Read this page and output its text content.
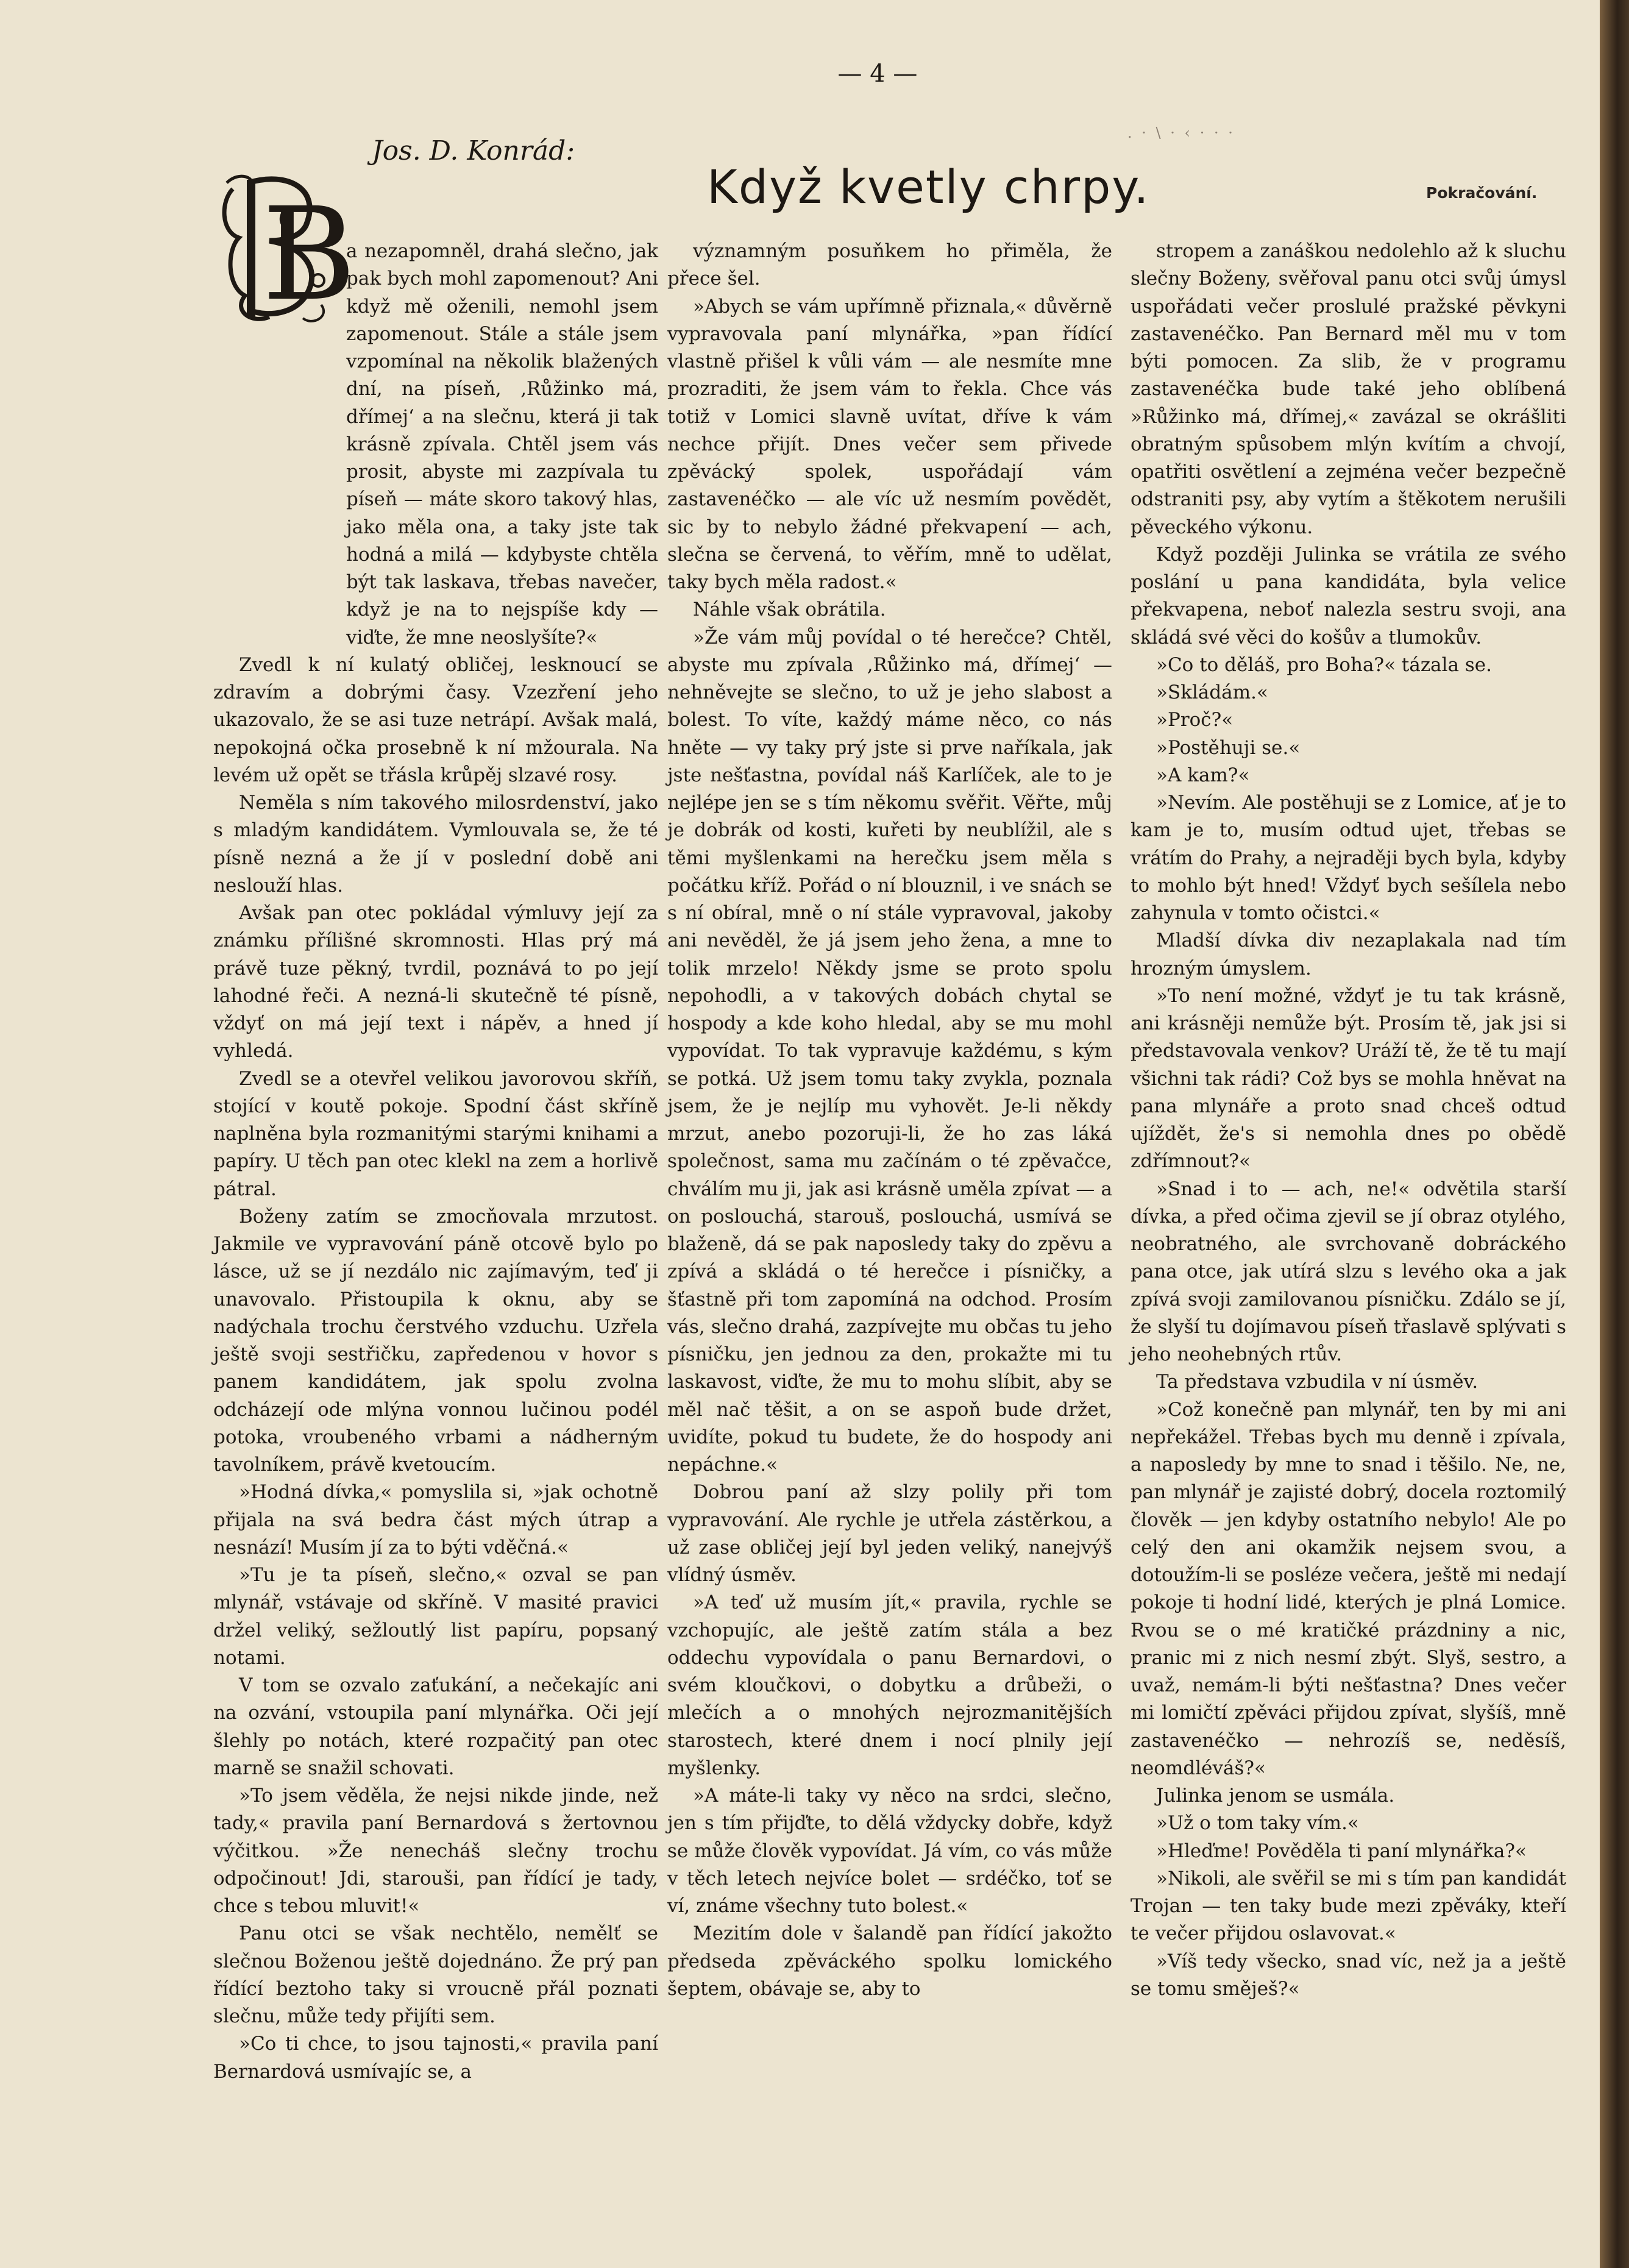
— 4 —
. · \ · ‹ · · ·
Jos. D. Konrád:
Když kvetly chrpy.	Pokračování.
B

a nezapomněl, drahá slečno, jak pak bych mohl zapomenout? Ani když mě oženili, nemohl jsem zapomenout. Stále a stále jsem vzpomínal na několik blažených dní, na píseň, ‚Růžinko má, dřímej‘ a na slečnu, která ji tak krásně zpívala. Chtěl jsem vás prosit, abyste mi zazpívala tu píseň — máte skoro takový hlas, jako měla ona, a taky jste tak hodná a milá — kdybyste chtěla být tak laskava, třebas navečer, když je na to nejspíše kdy — viďte, že mne neoslyšíte?«

Zvedl k ní kulatý obličej, lesknoucí se zdravím a dobrými časy. Vzezření jeho ukazovalo, že se asi tuze netrápí. Avšak malá, nepokojná očka prosebně k ní mžourala. Na levém už opět se třásla krůpěj slzavé rosy.

Neměla s ním takového milosrdenství, jako s mladým kandidátem. Vymlouvala se, že té písně nezná a že jí v poslední době ani neslouží hlas.

Avšak pan otec pokládal výmluvy její za známku přílišné skromnosti. Hlas prý má právě tuze pěkný, tvrdil, poznává to po její lahodné řeči. A nezná-li skutečně té písně, vždyť on má její text i nápěv, a hned jí vyhledá.

Zvedl se a otevřel velikou javorovou skříň, stojící v koutě pokoje. Spodní část skříně naplněna byla rozmanitými starými knihami a papíry. U těch pan otec klekl na zem a horlivě pátral.

Boženy zatím se zmocňovala mrzutost. Jakmile ve vypravování páně otcově bylo po lásce, už se jí nezdálo nic zajímavým, teď ji unavovalo. Přistoupila k oknu, aby se nadýchala trochu čerstvého vzduchu. Uzřela ještě svoji sestřičku, zapředenou v hovor s panem kandidátem, jak spolu zvolna odcházejí ode mlýna vonnou lučinou podél potoka, vroubeného vrbami a nádherným tavolníkem, právě kvetoucím.

»Hodná dívka,« pomyslila si, »jak ochotně přijala na svá bedra část mých útrap a nesnází! Musím jí za to býti vděčná.«

»Tu je ta píseň, slečno,« ozval se pan mlynář, vstávaje od skříně. V masité pravici držel veliký, sežloutlý list papíru, popsaný notami.

V tom se ozvalo zaťukání, a nečekajíc ani na ozvání, vstoupila paní mlynářka. Oči její šlehly po notách, které rozpačitý pan otec marně se snažil schovati.

»To jsem věděla, že nejsi nikde jinde, než tady,« pravila paní Bernardová s žertovnou výčitkou. »Že nenecháš slečny trochu odpočinout! Jdi, starouši, pan řídící je tady, chce s tebou mluvit!«

Panu otci se však nechtělo, nemělť se slečnou Boženou ještě dojednáno. Že prý pan řídící beztoho taky si vroucně přál poznati slečnu, může tedy přijíti sem.

»Co ti chce, to jsou tajnosti,« pravila paní Bernardová usmívajíc se, a

významným posuňkem ho přiměla, že přece šel.

»Abych se vám upřímně přiznala,« důvěrně vypravovala paní mlynářka, »pan řídící vlastně přišel k vůli vám — ale nesmíte mne prozraditi, že jsem vám to řekla. Chce vás totiž v Lomici slavně uvítat, dříve k vám nechce přijít. Dnes večer sem přivede zpěvácký spolek, uspořádají vám zastavenéčko — ale víc už nesmím povědět, sic by to nebylo žádné překvapení — ach, slečna se červená, to věřím, mně to udělat, taky bych měla radost.«

Náhle však obrátila.

»Že vám můj povídal o té herečce? Chtěl, abyste mu zpívala ‚Růžinko má, dřímej‘ — nehněvejte se slečno, to už je jeho slabost a bolest. To víte, každý máme něco, co nás hněte — vy taky prý jste si prve naříkala, jak jste nešťastna, povídal náš Karlíček, ale to je nejlépe jen se s tím někomu svěřit. Věřte, můj je dobrák od kosti, kuřeti by neublížil, ale s těmi myšlenkami na herečku jsem měla s počátku kříž. Pořád o ní blouznil, i ve snách se s ní obíral, mně o ní stále vypravoval, jakoby ani nevěděl, že já jsem jeho žena, a mne to tolik mrzelo! Někdy jsme se proto spolu nepohodli, a v takových dobách chytal se hospody a kde koho hledal, aby se mu mohl vypovídat. To tak vypravuje každému, s kým se potká. Už jsem tomu taky zvykla, poznala jsem, že je nejlíp mu vyhovět. Je-li někdy mrzut, anebo pozoruji-li, že ho zas láká společnost, sama mu začínám o té zpěvačce, chválím mu ji, jak asi krásně uměla zpívat — a on poslouchá, starouš, poslouchá, usmívá se blaženě, dá se pak naposledy taky do zpěvu a zpívá a skládá o té herečce i písničky, a šťastně při tom zapomíná na odchod. Prosím vás, slečno drahá, zazpívejte mu občas tu jeho písničku, jen jednou za den, prokažte mi tu laskavost, viďte, že mu to mohu slíbit, aby se měl nač těšit, a on se aspoň bude držet, uvidíte, pokud tu budete, že do hospody ani nepáchne.«

Dobrou paní až slzy polily při tom vypravování. Ale rychle je utřela zástěrkou, a už zase obličej její byl jeden veliký, nanejvýš vlídný úsměv.

»A teď už musím jít,« pravila, rychle se vzchopujíc, ale ještě zatím stála a bez oddechu vypovídala o panu Bernardovi, o svém kloučkovi, o dobytku a drůbeži, o mlečích a o mnohých nejrozmanitějších starostech, které dnem i nocí plnily její myšlenky.

»A máte-li taky vy něco na srdci, slečno, jen s tím přijďte, to dělá vždycky dobře, když se může člověk vypovídat. Já vím, co vás může v těch letech nejvíce bolet — srdéčko, toť se ví, známe všechny tuto bolest.«

Mezitím dole v šalandě pan řídící jakožto předseda zpěváckého spolku lomického šeptem, obávaje se, aby to

stropem a zanáškou nedolehlo až k sluchu slečny Boženy, svěřoval panu otci svůj úmysl uspořádati večer proslulé pražské pěvkyni zastavenéčko. Pan Bernard měl mu v tom býti pomocen. Za slib, že v programu zastavenéčka bude také jeho oblíbená »Růžinko má, dřímej,« zavázal se okrášliti obratným spůsobem mlýn kvítím a chvojí, opatřiti osvětlení a zejména večer bezpečně odstraniti psy, aby vytím a štěkotem nerušili pěveckého výkonu.

Když později Julinka se vrátila ze svého poslání u pana kandidáta, byla velice překvapena, neboť nalezla sestru svoji, ana skládá své věci do košův a tlumokův.

»Co to děláš, pro Boha?« tázala se.

»Skládám.«

»Proč?«

»Postěhuji se.«

»A kam?«

»Nevím. Ale postěhuji se z Lomice, ať je to kam je to, musím odtud ujet, třebas se vrátím do Prahy, a nejraději bych byla, kdyby to mohlo být hned! Vždyť bych sešílela nebo zahynula v tomto očistci.«

Mladší dívka div nezaplakala nad tím hrozným úmyslem.

»To není možné, vždyť je tu tak krásně, ani krásněji nemůže být. Prosím tě, jak jsi si představovala venkov? Uráží tě, že tě tu mají všichni tak rádi? Což bys se mohla hněvat na pana mlynáře a proto snad chceš odtud ujíždět, že's si nemohla dnes po obědě zdřímnout?«

»Snad i to — ach, ne!« odvětila starší dívka, a před očima zjevil se jí obraz otylého, neobratného, ale svrchovaně dobráckého pana otce, jak utírá slzu s levého oka a jak zpívá svoji zamilovanou písničku. Zdálo se jí, že slyší tu dojímavou píseň třaslavě splývati s jeho neohebných rtův.

Ta představa vzbudila v ní úsměv.

»Což konečně pan mlynář, ten by mi ani nepřekážel. Třebas bych mu denně i zpívala, a naposledy by mne to snad i těšilo. Ne, ne, pan mlynář je zajisté dobrý, docela roztomilý člověk — jen kdyby ostatního nebylo! Ale po celý den ani okamžik nejsem svou, a dotoužím-li se posléze večera, ještě mi nedají pokoje ti hodní lidé, kterých je plná Lomice. Rvou se o mé kratičké prázdniny a nic, pranic mi z nich nesmí zbýt. Slyš, sestro, a uvaž, nemám-li býti nešťastna? Dnes večer mi lomičtí zpěváci přijdou zpívat, slyšíš, mně zastavenéčko — nehrozíš se, neděsíš, neomdléváš?«

Julinka jenom se usmála.

»Už o tom taky vím.«

»Hleďme! Pověděla ti paní mlynářka?«

»Nikoli, ale svěřil se mi s tím pan kandidát Trojan — ten taky bude mezi zpěváky, kteří te večer přijdou oslavovat.«

»Víš tedy všecko, snad víc, než ja a ještě se tomu směješ?«
